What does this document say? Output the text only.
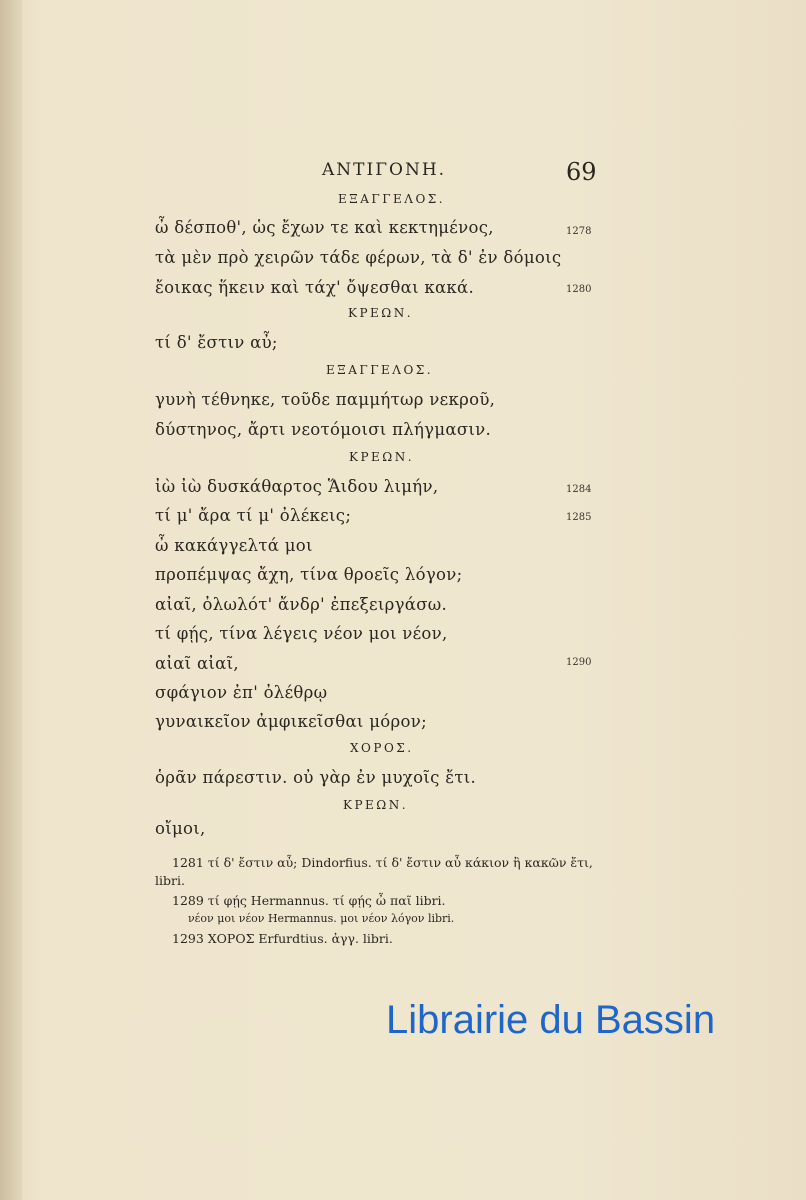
ΑΝΤΙΓΟΝΗ.	69
ΕΞΑΓΓΕΛΟΣ.
ΚΡΕΩΝ.
ΕΞΑΓΓΕΛΟΣ.
ΚΡΕΩΝ.
ΧΟΡΟΣ.
ΚΡΕΩΝ.
ὦ δέσποθ', ὡς ἔχων τε καὶ κεκτημένος,
τὰ μὲν πρὸ χειρῶν τάδε φέρων, τὰ δ' ἐν δόμοις
ἔοικας ἥκειν καὶ τάχ' ὄψεσθαι κακά.
τί δ' ἔστιν αὖ;
γυνὴ τέθνηκε, τοῦδε παμμήτωρ νεκροῦ,
δύστηνος, ἄρτι νεοτόμοισι πλήγμασιν.
ἰὼ ἰὼ δυσκάθαρτος Ἅιδου λιμήν,
τί μ' ἄρα τί μ' ὀλέκεις;
ὦ κακάγγελτά μοι
προπέμψας ἄχη, τίνα θροεῖς λόγον;
αἰαῖ, ὀλωλότ' ἄνδρ' ἐπεξειργάσω.
τί φῄς, τίνα λέγεις νέον μοι νέον,
αἰαῖ αἰαῖ,
σφάγιον ἐπ' ὀλέθρῳ
γυναικεῖον ἀμφικεῖσθαι μόρον;
ὁρᾶν πάρεστιν. οὐ γὰρ ἐν μυχοῖς ἔτι.
οἴμοι,
1278
1280
1284
1285
1290
1281 τί δ' ἔστιν αὖ; Dindorfius. τί δ' ἔστιν αὖ κάκιον ἢ κακῶν ἔτι,
libri.
1289 τί φῄς Hermannus. τί φῄς ὦ παῖ libri.
νέον μοι νέον Hermannus. μοι νέον λόγον libri.
1293 ΧΟΡΟΣ Erfurdtius. ἀγγ. libri.
Librairie du Bassin
